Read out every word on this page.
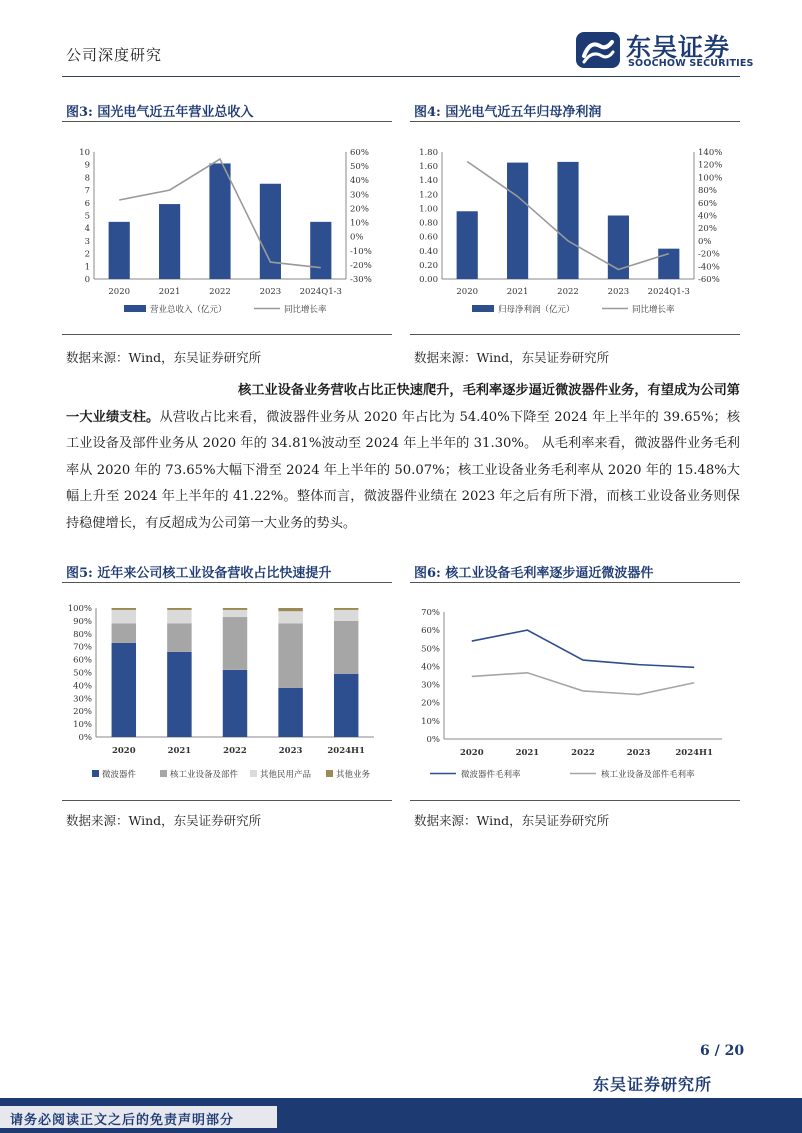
公司深度研究	东吴证券
SOOCHOW SECURITIES
图3: 国光电气近五年营业总收入	图4: 国光电气近五年归母净利润
0
1
2
3
4
5
6
7
8
9
10
-30%
-20%
-10%
0%
10%
20%
30%
40%
50%
60%
2020	2021	2022	2023 2024Q1-3
营业总收入（亿元）	同比增长率
0.00
0.20
0.40
0.60
0.80
1.00
1.20
1.40
1.60
1.80
-60%
-40%
-20%
0%
20%
40%
60%
80%
100%
120%
140%
2020	2021	2022	2023 2024Q1-3
归母净利润（亿元）	同比增长率
数据来源：Wind，东吴证券研究所	数据来源：Wind，东吴证券研究所
核工业设备业务营收占比正快速爬升，毛利率逐步逼近微波器件业务，有望成为公司第一大业绩支柱。从营收占比来看，微波器件业务从 2020 年占比为 54.40%下降至 2024 年上半年的 39.65%；核工业设备及部件业务从 2020 年的 34.81%波动至 2024 年上半年的 31.30%。 从毛利率来看，微波器件业务毛利率从 2020 年的 73.65%大幅下滑至 2024 年上半年的 50.07%；核工业设备业务毛利率从 2020 年的 15.48%大幅上升至 2024 年上半年的 41.22%。整体而言，微波器件业绩在 2023 年之后有所下滑，而核工业设备业务则保持稳健增长，有反超成为公司第一大业务的势头。
图5: 近年来公司核工业设备营收占比快速提升	图6: 核工业设备毛利率逐步逼近微波器件
0%
10%
20%
30%
40%
50%
60%
70%
80%
90%
100%
2020	2021	2022	2023	2024H1
微波器件	核工业设备及部件	其他民用产品	其他业务
0%
10%
20%
30%
40%
50%
60%
70%
2020	2021	2022	2023	2024H1
微波器件毛利率	核工业设备及部件毛利率
数据来源：Wind，东吴证券研究所	数据来源：Wind，东吴证券研究所
6 / 20
东吴证券研究所
请务必阅读正文之后的免责声明部分
